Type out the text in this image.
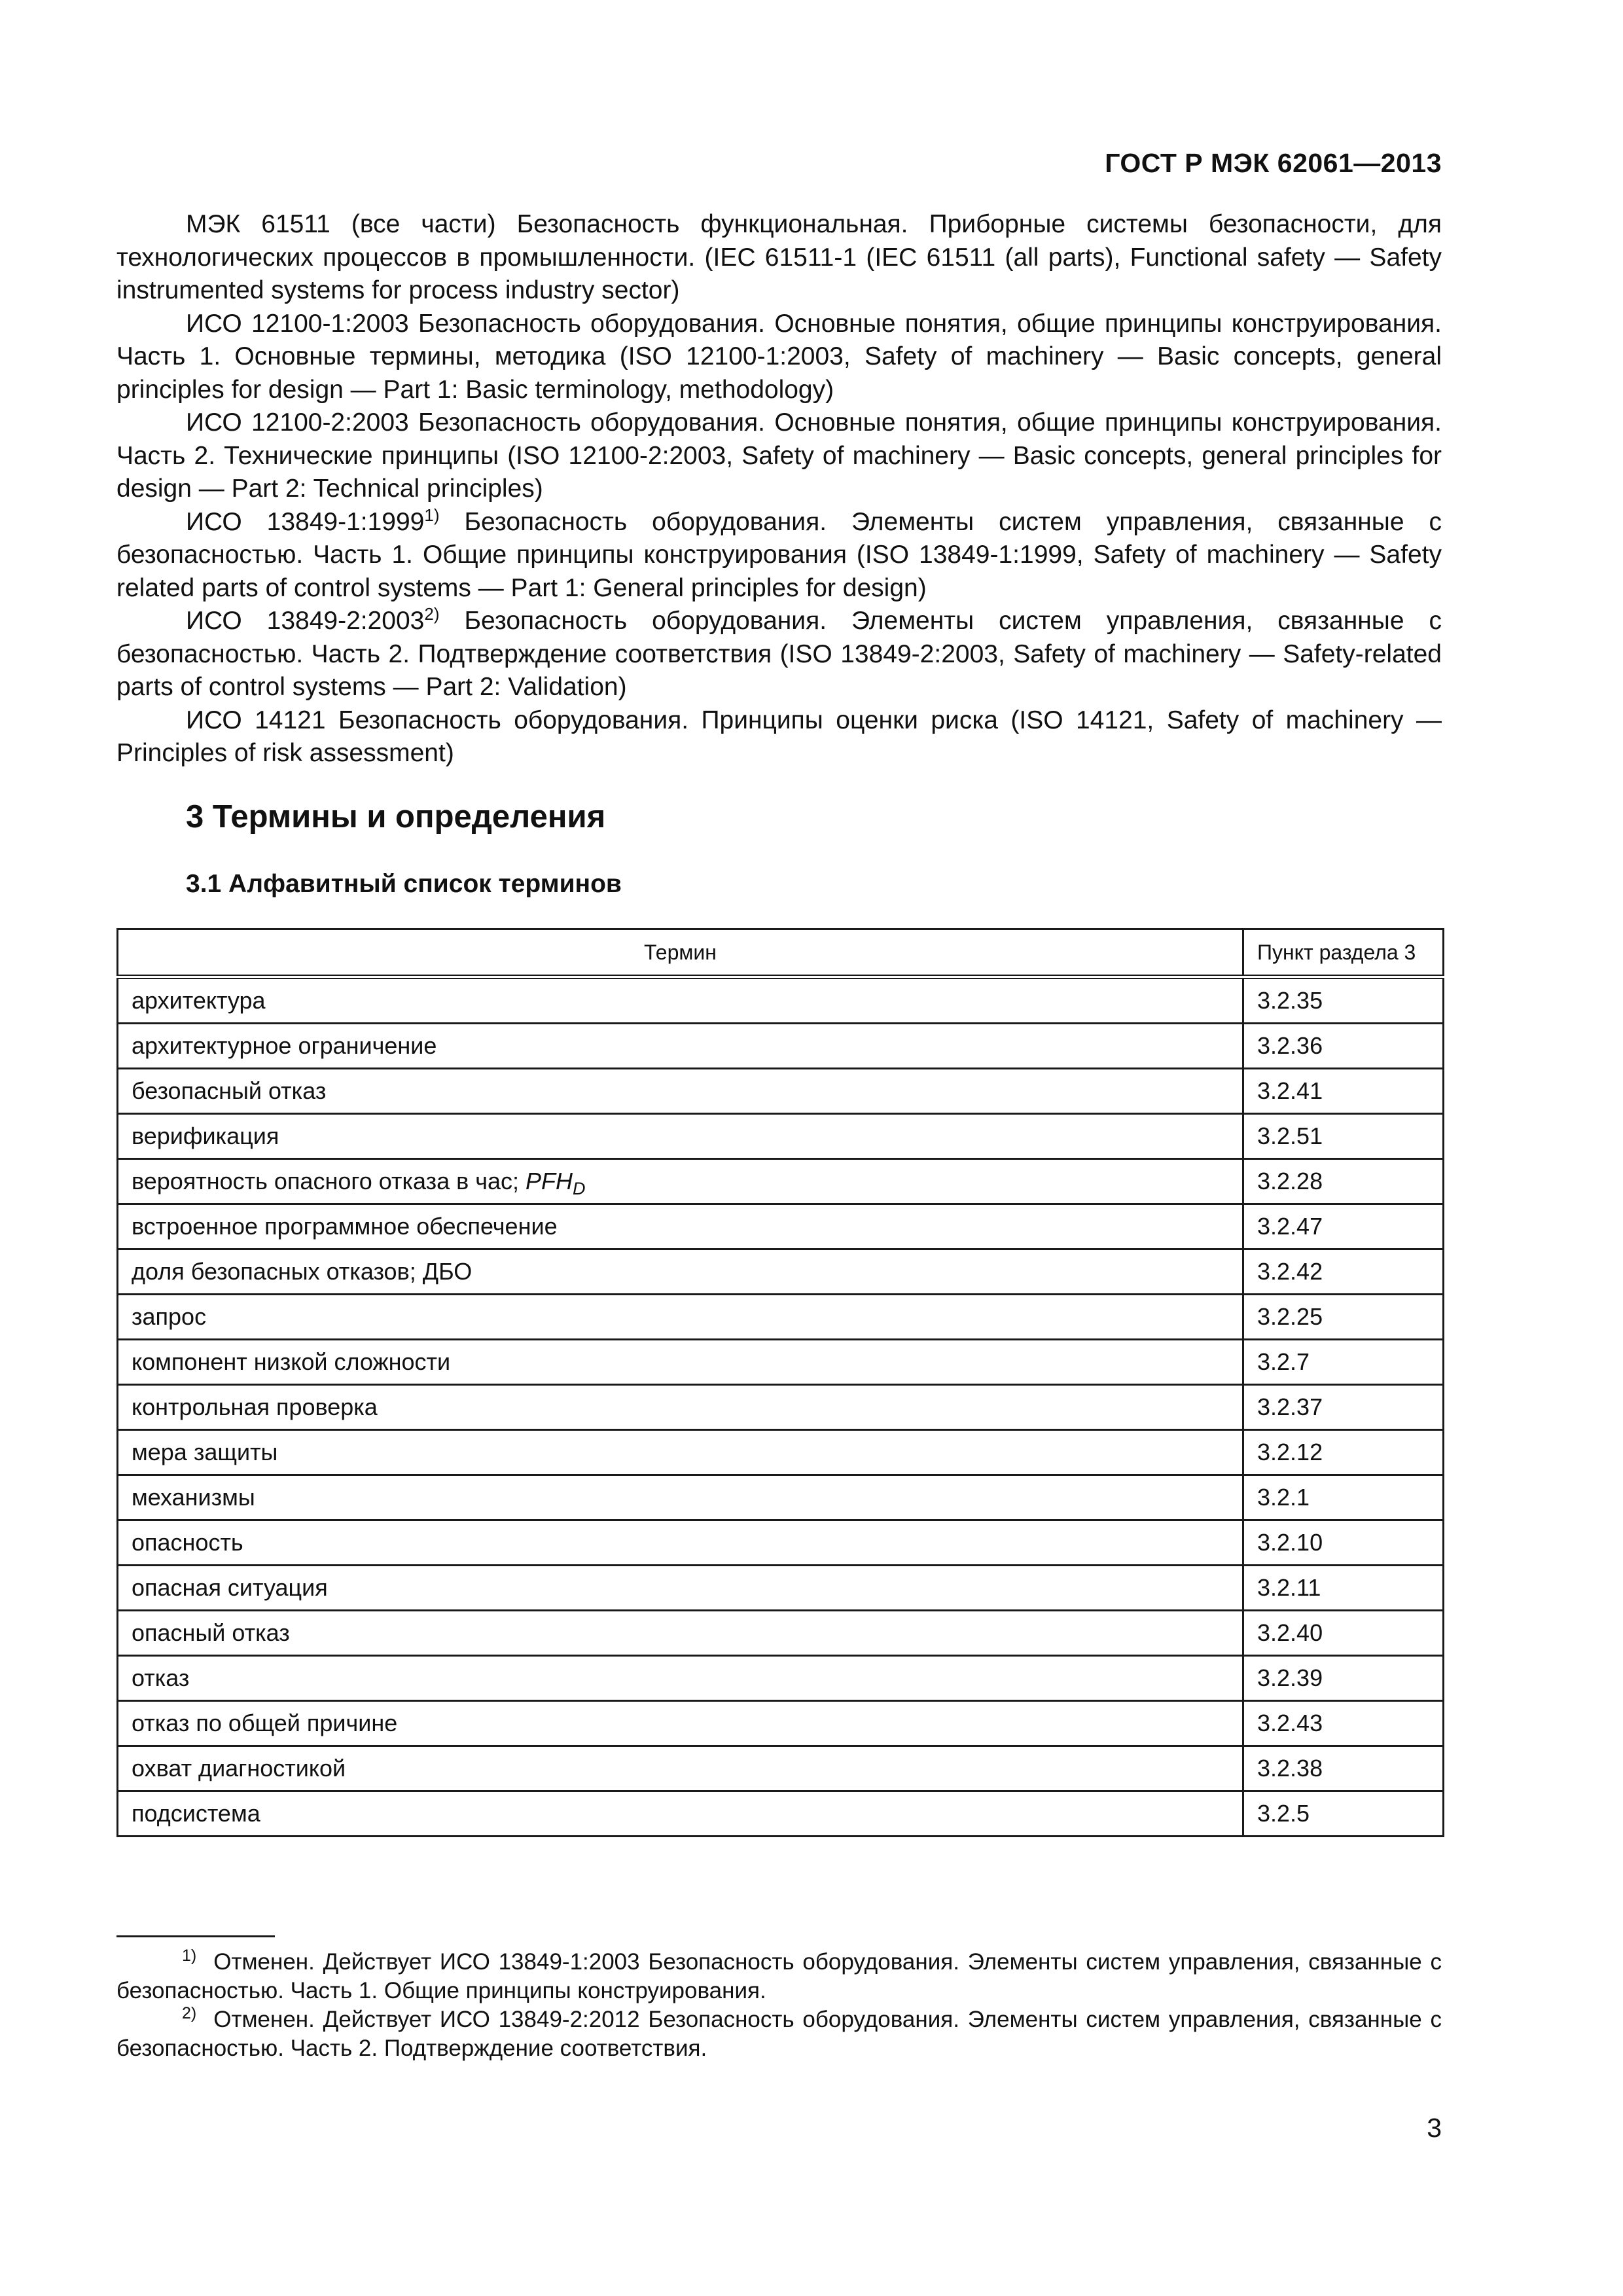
ГОСТ Р МЭК 62061—2013

МЭК 61511 (все части) Безопасность функциональная. Приборные системы безопасности, для технологических процессов в промышленности. (IEC 61511-1 (IEC 61511 (all parts), Functional safety — Safety instrumented systems for process industry sector)

ИСО 12100-1:2003 Безопасность оборудования. Основные понятия, общие принципы конструирования. Часть 1. Основные термины, методика (ISO 12100-1:2003, Safety of machinery — Basic concepts, general principles for design — Part 1: Basic terminology, methodology)

ИСО 12100-2:2003 Безопасность оборудования. Основные понятия, общие принципы конструирования. Часть 2. Технические принципы (ISO 12100-2:2003, Safety of machinery — Basic concepts, general principles for design — Part 2: Technical principles)

ИСО 13849-1:1999$^{1)}$ Безопасность оборудования. Элементы систем управления, связанные с безопасностью. Часть 1. Общие принципы конструирования (ISO 13849-1:1999, Safety of machinery — Safety related parts of control systems — Part 1: General principles for design)

ИСО 13849-2:2003$^{2)}$ Безопасность оборудования. Элементы систем управления, связанные с безопасностью. Часть 2. Подтверждение соответствия (ISO 13849-2:2003, Safety of machinery — Safety-related parts of control systems — Part 2: Validation)

ИСО 14121 Безопасность оборудования. Принципы оценки риска (ISO 14121, Safety of machinery — Principles of risk assessment)

3 Термины и определения
3.1 Алфавитный список терминов
Термин	Пункт раздела 3
архитектура	3.2.35
архитектурное ограничение	3.2.36
безопасный отказ	3.2.41
верификация	3.2.51
вероятность опасного отказа в час; $PFH_D$	3.2.28
встроенное программное обеспечение	3.2.47
доля безопасных отказов; ДБО	3.2.42
запрос	3.2.25
компонент низкой сложности	3.2.7
контрольная проверка	3.2.37
мера защиты	3.2.12
механизмы	3.2.1
опасность	3.2.10
опасная ситуация	3.2.11
опасный отказ	3.2.40
отказ	3.2.39
отказ по общей причине	3.2.43
охват диагностикой	3.2.38
подсистема	3.2.5

$^{1)}$ Отменен. Действует ИСО 13849-1:2003 Безопасность оборудования. Элементы систем управления, связанные с безопасностью. Часть 1. Общие принципы конструирования.

$^{2)}$ Отменен. Действует ИСО 13849-2:2012 Безопасность оборудования. Элементы систем управления, связанные с безопасностью. Часть 2. Подтверждение соответствия.

3
